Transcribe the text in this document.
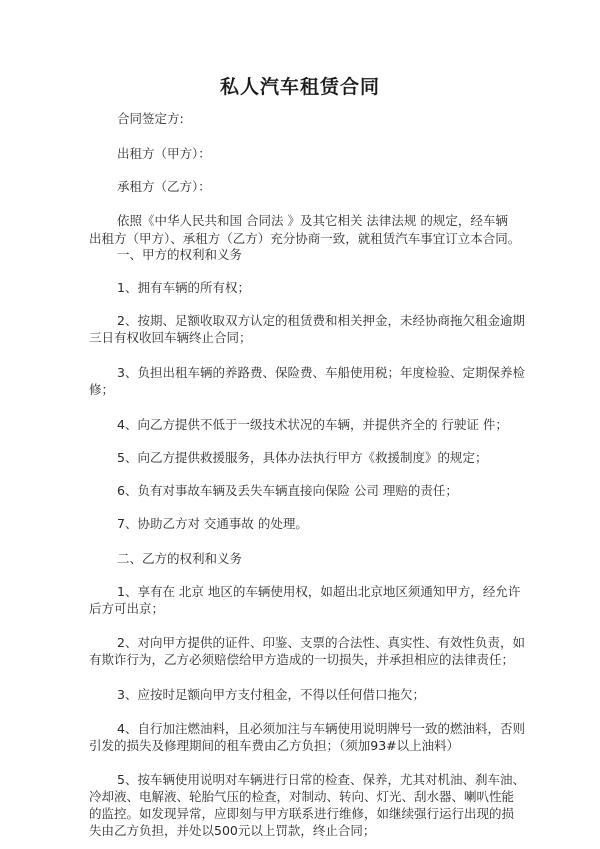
私人汽车租赁合同
合同签定方:
出租方（甲方）：
承租方（乙方）：
依照《中华人民共和国 合同法 》及其它相关 法律法规 的规定，经车辆
出租方（甲方）、承租方（乙方）充分协商一致，就租赁汽车事宜订立本合同。
一、甲方的权利和义务
1、拥有车辆的所有权；
2、按期、足额收取双方认定的租赁费和相关押金，未经协商拖欠租金逾期
三日有权收回车辆终止合同；
3、负担出租车辆的养路费、保险费、车船使用税；年度检验、定期保养检
修；
4、向乙方提供不低于一级技术状况的车辆，并提供齐全的 行驶证 件；
5、向乙方提供救援服务，具体办法执行甲方《救援制度》的规定；
6、负有对事故车辆及丢失车辆直接向保险 公司 理赔的责任；
7、协助乙方对 交通事故 的处理。
二、乙方的权利和义务
1、享有在 北京 地区的车辆使用权，如超出北京地区须通知甲方，经允许
后方可出京；
2、对向甲方提供的证件、印鉴、支票的合法性、真实性、有效性负责，如
有欺诈行为，乙方必须赔偿给甲方造成的一切损失，并承担相应的法律责任；
3、应按时足额向甲方支付租金，不得以任何借口拖欠；
4、自行加注燃油料，且必须加注与车辆使用说明牌号一致的燃油料，否则
引发的损失及修理期间的租车费由乙方负担；（须加93#以上油料）
5、按车辆使用说明对车辆进行日常的检查、保养，尤其对机油、刹车油、
冷却液、电解液、轮胎气压的检查，对制动、转向、灯光、刮水器、喇叭性能
的监控。如发现异常，应即刻与甲方联系进行维修，如继续强行运行出现的损
失由乙方负担，并处以500元以上罚款，终止合同；
